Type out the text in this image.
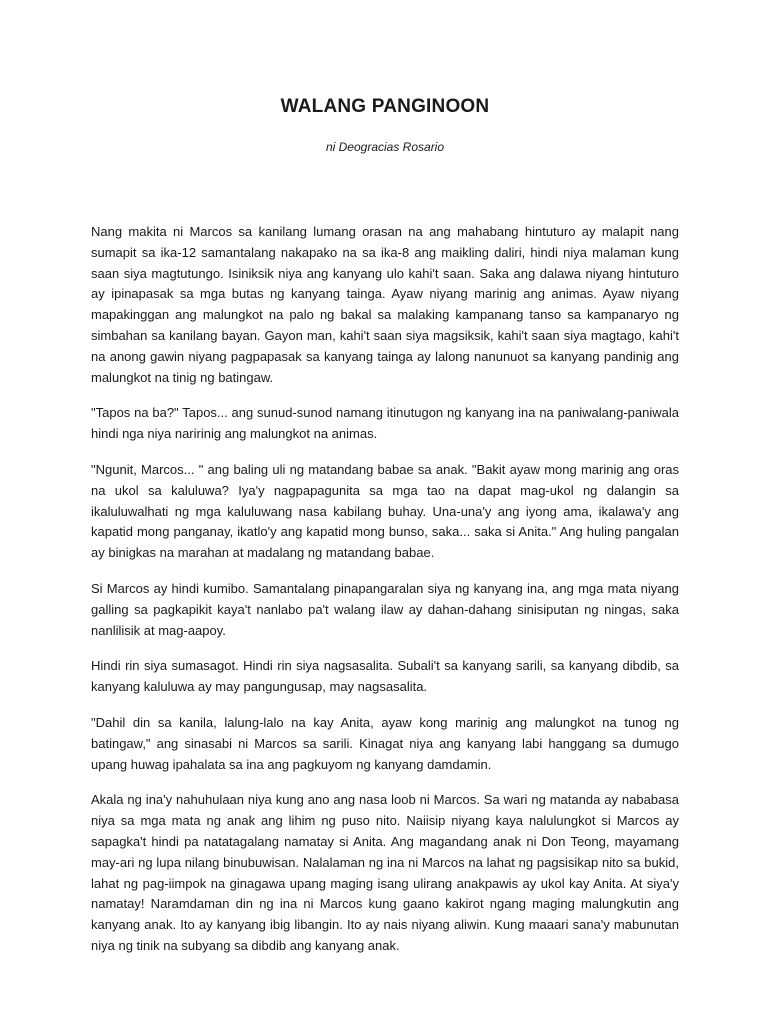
WALANG PANGINOON
ni Deogracias Rosario

Nang makita ni Marcos sa kanilang lumang orasan na ang mahabang hintuturo ay malapit nang sumapit sa ika-12 samantalang nakapako na sa ika-8 ang maikling daliri, hindi niya malaman kung saan siya magtutungo. Isiniksik niya ang kanyang ulo kahi't saan. Saka ang dalawa niyang hintuturo ay ipinapasak sa mga butas ng kanyang tainga. Ayaw niyang marinig ang animas. Ayaw niyang mapakinggan ang malungkot na palo ng bakal sa malaking kampanang tanso sa kampanaryo ng simbahan sa kanilang bayan. Gayon man, kahi't saan siya magsiksik, kahi't saan siya magtago, kahi't na anong gawin niyang pagpapasak sa kanyang tainga ay lalong nanunuot sa kanyang pandinig ang malungkot na tinig ng batingaw.

"Tapos na ba?" Tapos... ang sunud-sunod namang itinutugon ng kanyang ina na paniwalang-paniwala hindi nga niya naririnig ang malungkot na animas.

"Ngunit, Marcos... " ang baling uli ng matandang babae sa anak. "Bakit ayaw mong marinig ang oras na ukol sa kaluluwa? Iya'y nagpapagunita sa mga tao na dapat mag-ukol ng dalangin sa ikaluluwalhati ng mga kaluluwang nasa kabilang buhay. Una-una'y ang iyong ama, ikalawa'y ang kapatid mong panganay, ikatlo'y ang kapatid mong bunso, saka... saka si Anita." Ang huling pangalan ay binigkas na marahan at madalang ng matandang babae.

Si Marcos ay hindi kumibo. Samantalang pinapangaralan siya ng kanyang ina, ang mga mata niyang galling sa pagkapikit kaya't nanlabo pa't walang ilaw ay dahan-dahang sinisiputan ng ningas, saka nanlilisik at mag-aapoy.

Hindi rin siya sumasagot. Hindi rin siya nagsasalita. Subali't sa kanyang sarili, sa kanyang dibdib, sa kanyang kaluluwa ay may pangungusap, may nagsasalita.

"Dahil din sa kanila, lalung-lalo na kay Anita, ayaw kong marinig ang malungkot na tunog ng batingaw," ang sinasabi ni Marcos sa sarili. Kinagat niya ang kanyang labi hanggang sa dumugo upang huwag ipahalata sa ina ang pagkuyom ng kanyang damdamin.

Akala ng ina'y nahuhulaan niya kung ano ang nasa loob ni Marcos. Sa wari ng matanda ay nababasa niya sa mga mata ng anak ang lihim ng puso nito. Naiisip niyang kaya nalulungkot si Marcos ay sapagka't hindi pa natatagalang namatay si Anita. Ang magandang anak ni Don Teong, mayamang may-ari ng lupa nilang binubuwisan. Nalalaman ng ina ni Marcos na lahat ng pagsisikap nito sa bukid, lahat ng pag-iimpok na ginagawa upang maging isang ulirang anakpawis ay ukol kay Anita. At siya'y namatay! Naramdaman din ng ina ni Marcos kung gaano kakirot ngang maging malungkutin ang kanyang anak. Ito ay kanyang ibig libangin. Ito ay nais niyang aliwin. Kung maaari sana'y mabunutan niya ng tinik na subyang sa dibdib ang kanyang anak.
